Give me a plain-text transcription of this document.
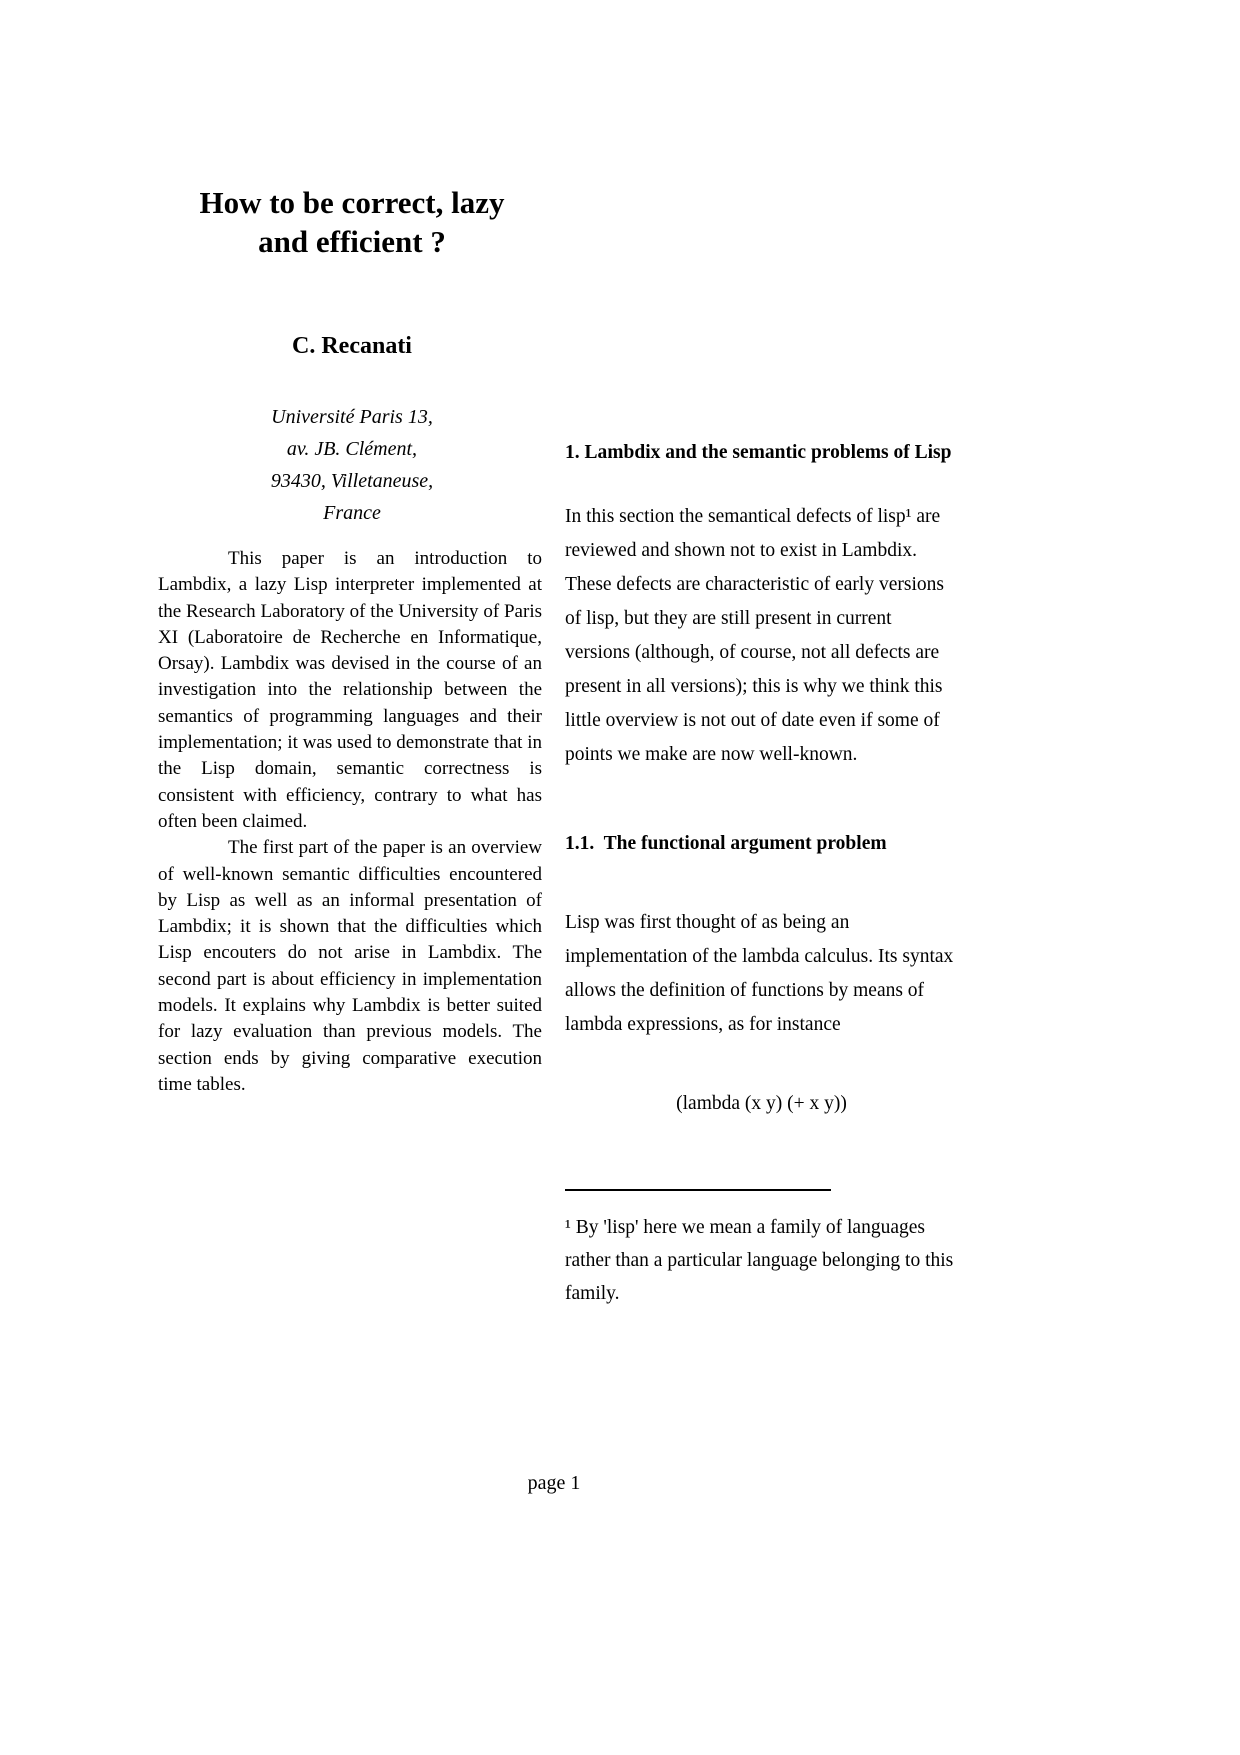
How to be correct, lazy
and efficient ?
C. Recanati
Université Paris 13,
av. JB. Clément,
93430, Villetaneuse,
France

This paper is an introduction to Lambdix, a lazy Lisp interpreter implemented at the Research Laboratory of the University of Paris XI (Laboratoire de Recherche en Informatique, Orsay). Lambdix was devised in the course of an investigation into the relationship between the semantics of programming languages and their implementation; it was used to demonstrate that in the Lisp domain, semantic correctness is consistent with efficiency, contrary to what has often been claimed.

The first part of the paper is an overview of well-known semantic difficulties encountered by Lisp as well as an informal presentation of Lambdix; it is shown that the difficulties which Lisp encouters do not arise in Lambdix. The second part is about efficiency in implementation models. It explains why Lambdix is better suited for lazy evaluation than previous models. The section ends by giving comparative execution time tables.

1. Lambdix and the semantic problems of Lisp

In this section the semantical defects of lisp¹ are reviewed and shown not to exist in Lambdix. These defects are characteristic of early versions of lisp, but they are still present in current versions (although, of course, not all defects are present in all versions); this is why we think this little overview is not out of date even if some of points we make are now well-known.

1.1.  The functional argument problem

Lisp was first thought of as being an implementation of the lambda calculus. Its syntax allows the definition of functions by means of lambda expressions, as for instance

(lambda (x y) (+ x y))

¹ By 'lisp' here we mean a family of languages rather than a particular language belonging to this family.

page 1
